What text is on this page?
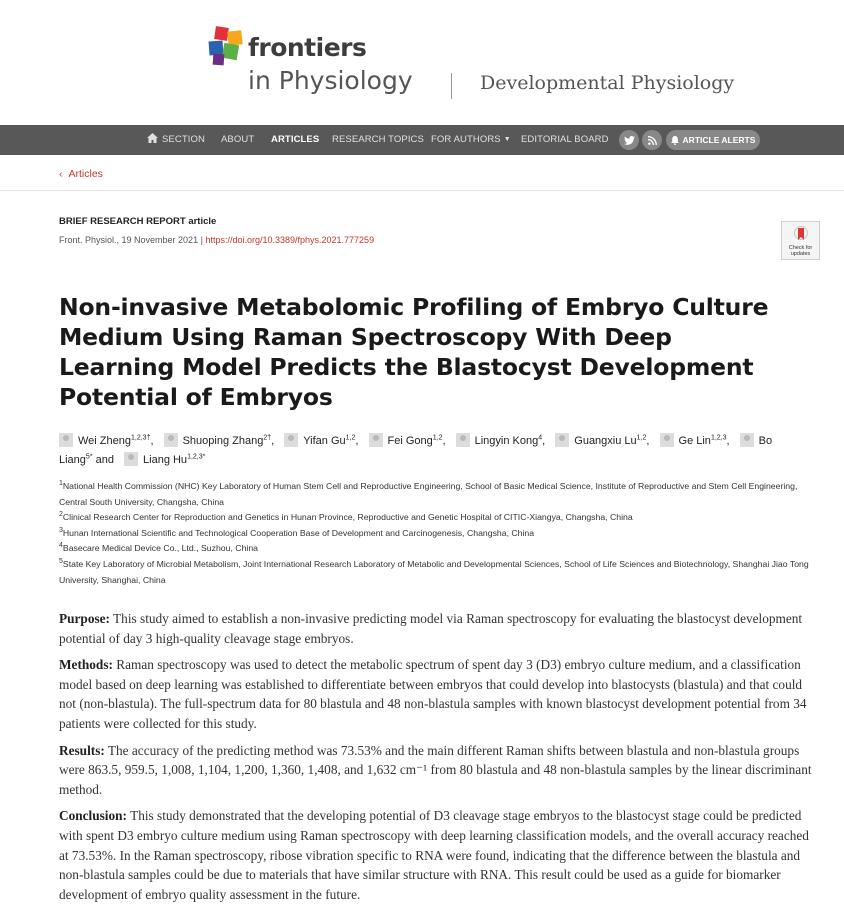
frontiers
in Physiology	Developmental Physiology
SECTION ABOUT ARTICLES RESEARCH TOPICS FOR AUTHORS ▼ EDITORIAL BOARD	ARTICLE ALERTS
‹ Articles
BRIEF RESEARCH REPORT article
Front. Physiol., 19 November 2021 | https://doi.org/10.3389/fphys.2021.777259
Check for updates
Non-invasive Metabolomic Profiling of Embryo Culture Medium Using Raman Spectroscopy With Deep Learning Model Predicts the Blastocyst Development Potential of Embryos
Wei Zheng$^{1,2,3\dagger}$, Shuoping Zhang$^{2\dagger}$, Yifan Gu$^{1,2}$, Fei Gong$^{1,2}$, Lingyin Kong$^4$, Guangxiu Lu$^{1,2}$, Ge Lin$^{1,2,3}$, Bo Liang$^{5*}$ and Liang $Hu^{1,2,3*}$
$^1$National Health Commission (NHC) Key Laboratory of Human Stem Cell and Reproductive Engineering, School of Basic Medical Science, Institute of Reproductive and Stem Cell Engineering, Central South University, Changsha, China
$^2$Clinical Research Center for Reproduction and Genetics in Hunan Province, Reproductive and Genetic Hospital of CITIC-Xiangya, Changsha, China
$^3$Hunan International Scientific and Technological Cooperation Base of Development and Carcinogenesis, Changsha, China
$^4$Basecare Medical Device Co., Ltd., Suzhou, China
$^5$State Key Laboratory of Microbial Metabolism, Joint International Research Laboratory of Metabolic and Developmental Sciences, School of Life Sciences and Biotechnology, Shanghai Jiao Tong University, Shanghai, China

Purpose: This study aimed to establish a non-invasive predicting model via Raman spectroscopy for evaluating the blastocyst development potential of day 3 high-quality cleavage stage embryos.

Methods: Raman spectroscopy was used to detect the metabolic spectrum of spent day 3 (D3) embryo culture medium, and a classification model based on deep learning was established to differentiate between embryos that could develop into blastocysts (blastula) and that could not (non-blastula). The full-spectrum data for 80 blastula and 48 non-blastula samples with known blastocyst development potential from 34 patients were collected for this study.

Results: The accuracy of the predicting method was 73.53% and the main different Raman shifts between blastula and non-blastula groups were 863.5, 959.5, 1,008, 1,104, 1,200, 1,360, 1,408, and 1,632 cm⁻¹ from 80 blastula and 48 non-blastula samples by the linear discriminant method.

Conclusion: This study demonstrated that the developing potential of D3 cleavage stage embryos to the blastocyst stage could be predicted with spent D3 embryo culture medium using Raman spectroscopy with deep learning classification models, and the overall accuracy reached at 73.53%. In the Raman spectroscopy, ribose vibration specific to RNA were found, indicating that the difference between the blastula and non-blastula samples could be due to materials that have similar structure with RNA. This result could be used as a guide for biomarker development of embryo quality assessment in the future.
